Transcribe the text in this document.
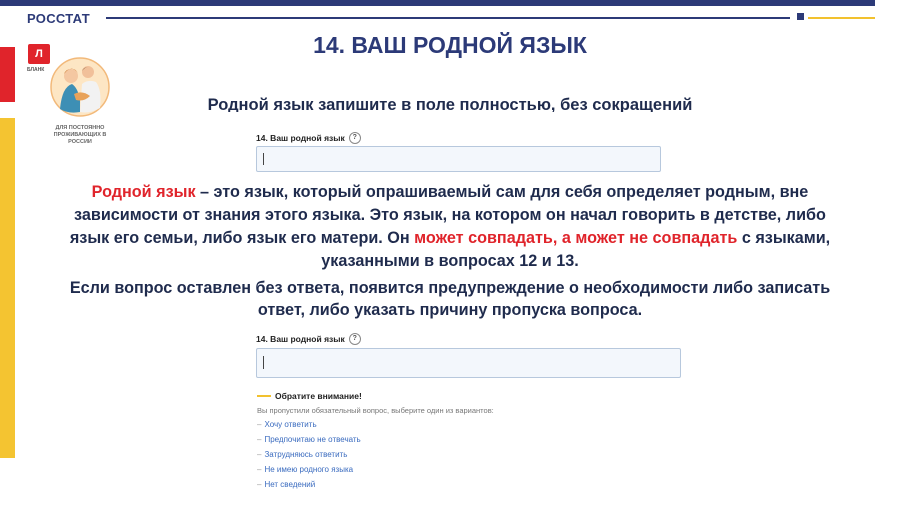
РОССТАТ
Л
БЛАНК
ДЛЯ ПОСТОЯННО ПРОЖИВАЮЩИХ В РОССИИ
14. ВАШ РОДНОЙ ЯЗЫК

Родной язык запишите в поле полностью, без сокращений

14. Ваш родной язык	?

Родной язык – это язык, который опрашиваемый сам для себя определяет родным, вне зависимости от знания этого языка. Это язык, на котором он начал говорить в детстве, либо язык его семьи, либо язык его матери. Он может совпадать, а может не совпадать с языками, указанными в вопросах 12 и 13.

Если вопрос оставлен без ответа, появится предупреждение о необходимости либо записать ответ, либо указать причину пропуска вопроса.

14. Ваш родной язык	?
Обратите внимание!
Вы пропустили обязательный вопрос, выберите один из вариантов:
– Хочу ответить
– Предпочитаю не отвечать
– Затрудняюсь ответить
– Не имею родного языка
– Нет сведений
